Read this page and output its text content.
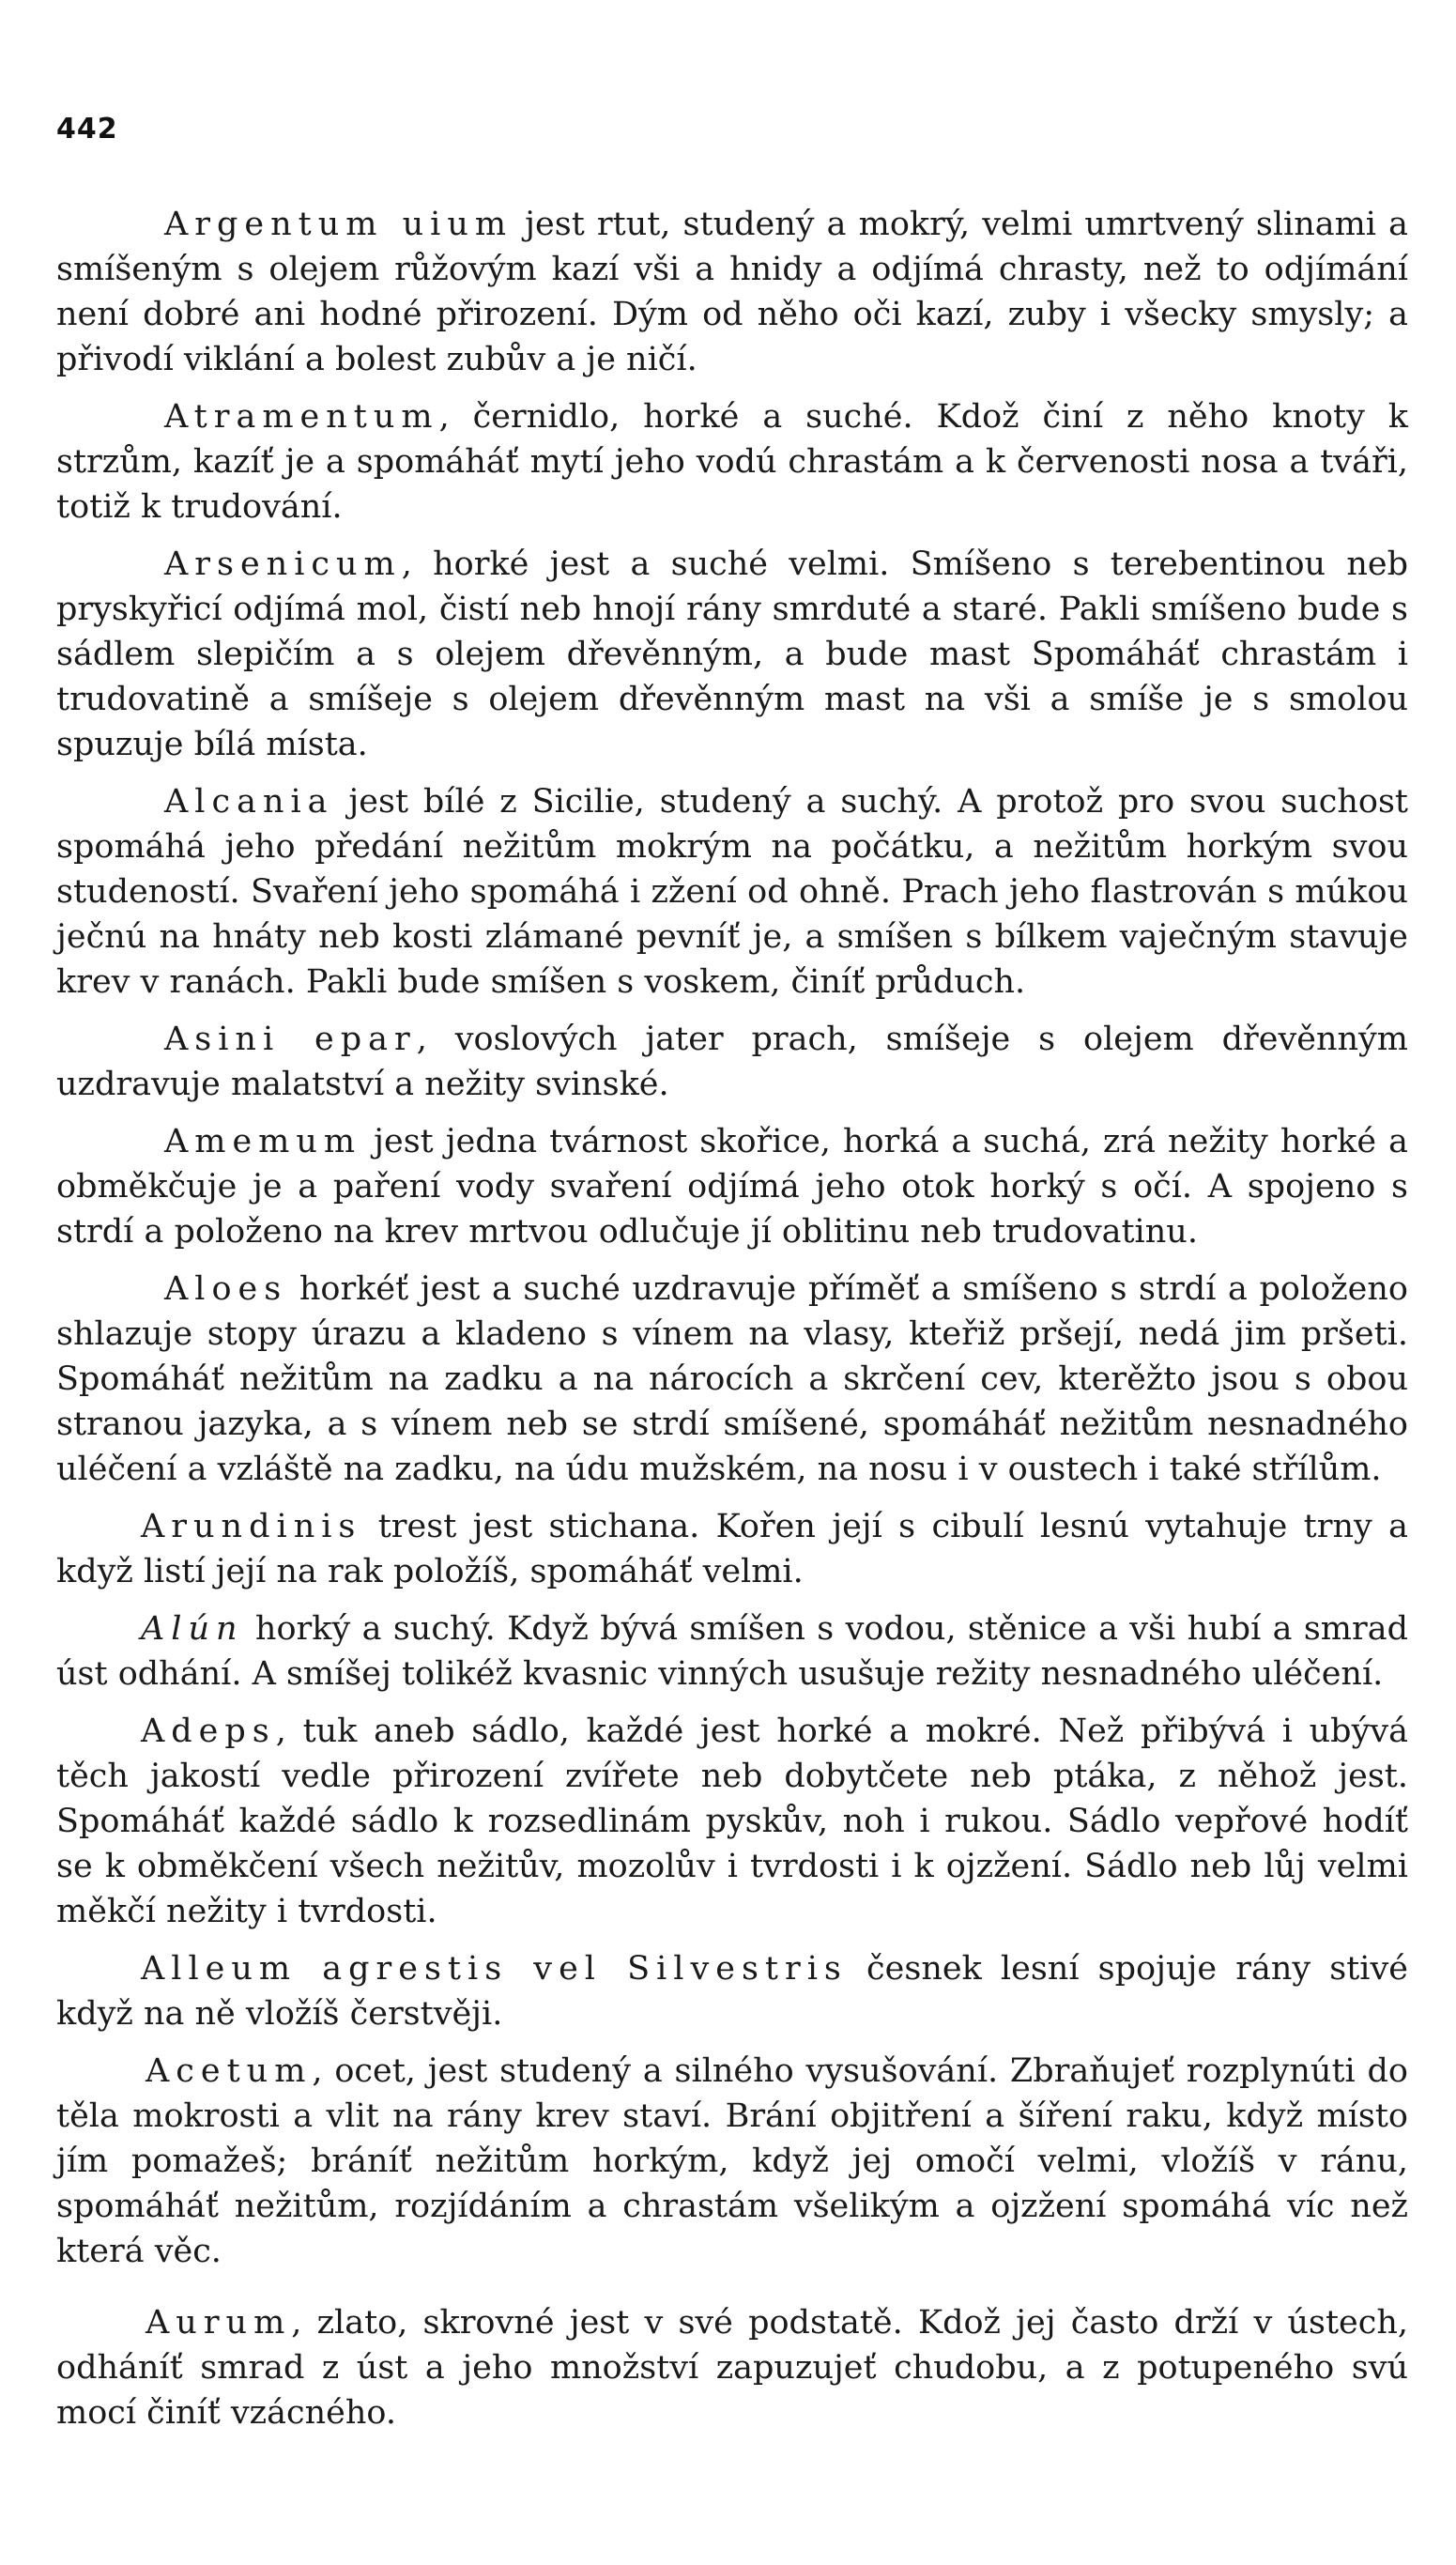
442

Argentum uium jest rtut, studený a mokrý, velmi umrtvený slinami a smíšeným s olejem růžovým kazí vši a hnidy a odjímá chrasty, než to odjímání není dobré ani hodné přirození. Dým od něho oči kazí, zuby i všecky smysly; a přivodí viklání a bolest zubův a je ničí.

Atramentum, černidlo, horké a suché. Kdož činí z něho knoty k strzům, kazíť je a spomáháť mytí jeho vodú chrastám a k červenosti nosa a tváři, totiž k trudování.

Arsenicum, horké jest a suché velmi. Smíšeno s terebentinou neb pryskyřicí odjímá mol, čistí neb hnojí rány smrduté a staré. Pakli smíšeno bude s sádlem slepičím a s olejem dřevěnným, a bude mast Spomáháť chrastám i trudovatině a smíšeje s olejem dřevěnným mast na vši a smíše je s smolou spuzuje bílá místa.

Alcania jest bílé z Sicilie, studený a suchý. A protož pro svou suchost spomáhá jeho předání nežitům mokrým na počátku, a nežitům horkým svou studeností. Svaření jeho spomáhá i zžení od ohně. Prach jeho flastrován s múkou ječnú na hnáty neb kosti zlámané pevníť je, a smíšen s bílkem vaječným stavuje krev v ranách. Pakli bude smíšen s voskem, činíť průduch.

Asini epar, voslových jater prach, smíšeje s olejem dřevěnným uzdravuje malatství a nežity svinské.

Amemum jest jedna tvárnost skořice, horká a suchá, zrá nežity horké a obměkčuje je a paření vody svaření odjímá jeho otok horký s očí. A spojeno s strdí a položeno na krev mrtvou odlučuje jí oblitinu neb trudovatinu.

Aloes horkéť jest a suché uzdravuje příměť a smíšeno s strdí a položeno shlazuje stopy úrazu a kladeno s vínem na vlasy, kteřiž pršejí, nedá jim pršeti. Spomáháť nežitům na zadku a na nárocích a skrčení cev, kterěžto jsou s obou stranou jazyka, a s vínem neb se strdí smíšené, spomáháť nežitům nesnadného uléčení a vzláště na zadku, na údu mužském, na nosu i v oustech i také střílům.

Arundinis trest jest stichana. Kořen její s cibulí lesnú vytahuje trny a když listí její na rak položíš, spomáháť velmi.

Alún horký a suchý. Když bývá smíšen s vodou, stěnice a vši hubí a smrad úst odhání. A smíšej tolikéž kvasnic vinných usušuje režity nesnadného uléčení.

Adeps, tuk aneb sádlo, každé jest horké a mokré. Než přibývá i ubývá těch jakostí vedle přirození zvířete neb dobytčete neb ptáka, z něhož jest. Spomáháť každé sádlo k rozsedlinám pyskův, noh i rukou. Sádlo vepřové hodíť se k obměkčení všech nežitův, mozolův i tvrdosti i k ojzžení. Sádlo neb lůj velmi měkčí nežity i tvrdosti.

Alleum agrestis vel Silvestris česnek lesní spojuje rány stivé když na ně vložíš čerstvěji.

Acetum, ocet, jest studený a silného vysušování. Zbraňujeť rozplynúti do těla mokrosti a vlit na rány krev staví. Brání objitření a šíření raku, když místo jím pomažeš; bráníť nežitům horkým, když jej omočí velmi, vložíš v ránu, spomáháť nežitům, rozjídáním a chrastám všelikým a ojzžení spomáhá víc než která věc.

Aurum, zlato, skrovné jest v své podstatě. Kdož jej často drží v ústech, odháníť smrad z úst a jeho množství zapuzujeť chudobu, a z potupeného svú mocí činíť vzácného.
